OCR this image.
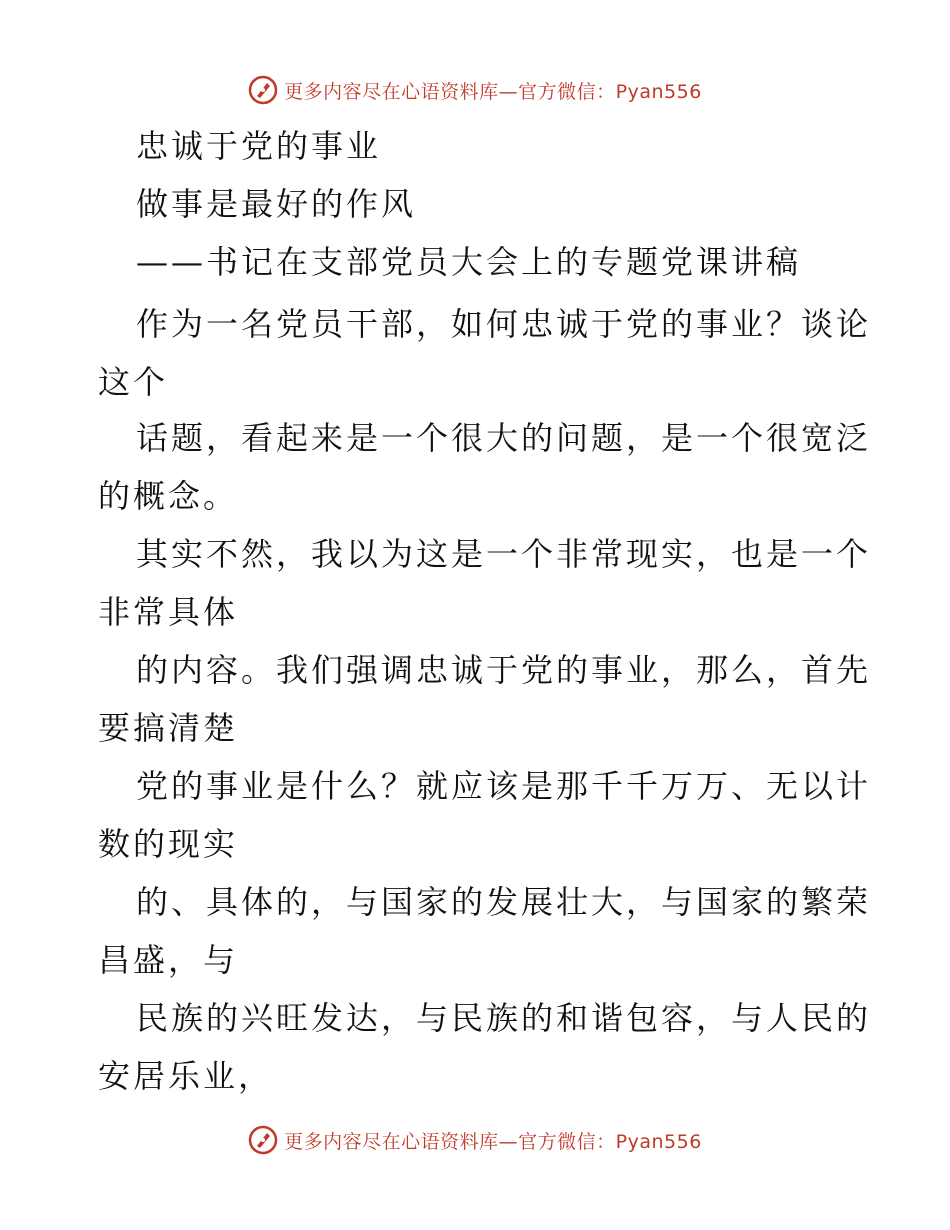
更多内容尽在心语资料库—官方微信：Pyan556
忠诚于党的事业
做事是最好的作风
——书记在支部党员大会上的专题党课讲稿
作为一名党员干部，如何忠诚于党的事业？谈论
这个
话题，看起来是一个很大的问题，是一个很宽泛
的概念。
其实不然，我以为这是一个非常现实，也是一个
非常具体
的内容。我们强调忠诚于党的事业，那么，首先
要搞清楚
党的事业是什么？就应该是那千千万万、无以计
数的现实
的、具体的，与国家的发展壮大，与国家的繁荣
昌盛，与
民族的兴旺发达，与民族的和谐包容，与人民的
安居乐业，
更多内容尽在心语资料库—官方微信：Pyan556
